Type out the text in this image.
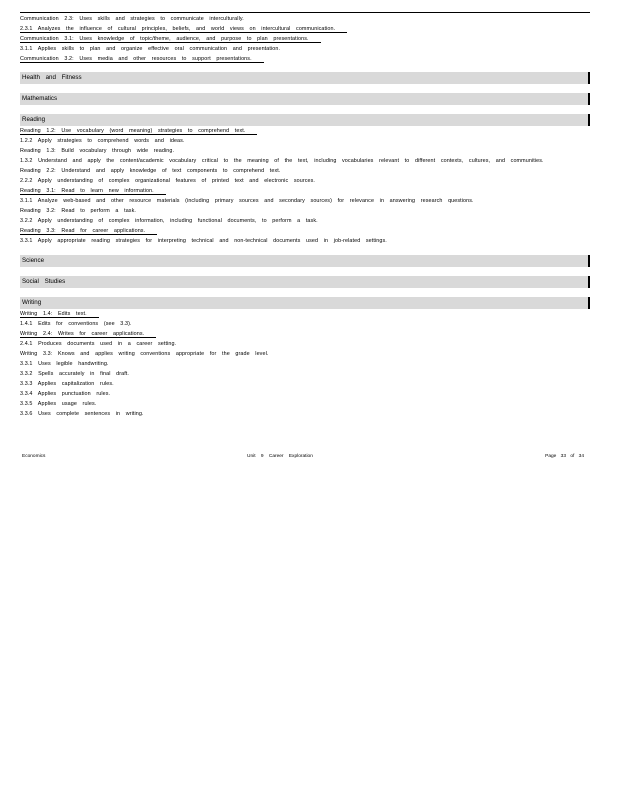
Communication 2.3: Uses skills and strategies to communicate interculturally.
2.3.1 Analyzes the influence of cultural principles, beliefs, and world views on intercultural communication.
Communication 3.1: Uses knowledge of topic/theme, audience, and purpose to plan presentations.
3.1.1 Applies skills to plan and organize effective oral communication and presentation.
Communication 3.2: Uses media and other resources to support presentations.
Health and Fitness
Mathematics
Reading
Reading 1.2: Use vocabulary (word meaning) strategies to comprehend text.
1.2.2 Apply strategies to comprehend words and ideas.
Reading 1.3: Build vocabulary through wide reading.
1.3.2 Understand and apply the content/academic vocabulary critical to the meaning of the text, including vocabularies relevant to different contexts, cultures, and communities.
Reading 2.2: Understand and apply knowledge of text components to comprehend text.
2.2.2 Apply understanding of complex organizational features of printed text and electronic sources.
Reading 3.1: Read to learn new information.
3.1.1 Analyze web-based and other resource materials (including primary sources and secondary sources) for relevance in answering research questions.
Reading 3.2: Read to perform a task.
3.2.2 Apply understanding of complex information, including functional documents, to perform a task.
Reading 3.3: Read for career applications.
3.3.1 Apply appropriate reading strategies for interpreting technical and non-technical documents used in job-related settings.
Science
Social Studies
Writing
Writing 1.4: Edits text.
1.4.1 Edits for conventions (see 3.3).
Writing 2.4: Writes for career applications.
2.4.1 Produces documents used in a career setting.
Writing 3.3: Knows and applies writing conventions appropriate for the grade level.
3.3.1 Uses legible handwriting.
3.3.2 Spells accurately in final draft.
3.3.3 Applies capitalization rules.
3.3.4 Applies punctuation rules.
3.3.5 Applies usage rules.
3.3.6 Uses complete sentences in writing.
Economics	Unit 9 Career Exploration	Page 33 of 34
